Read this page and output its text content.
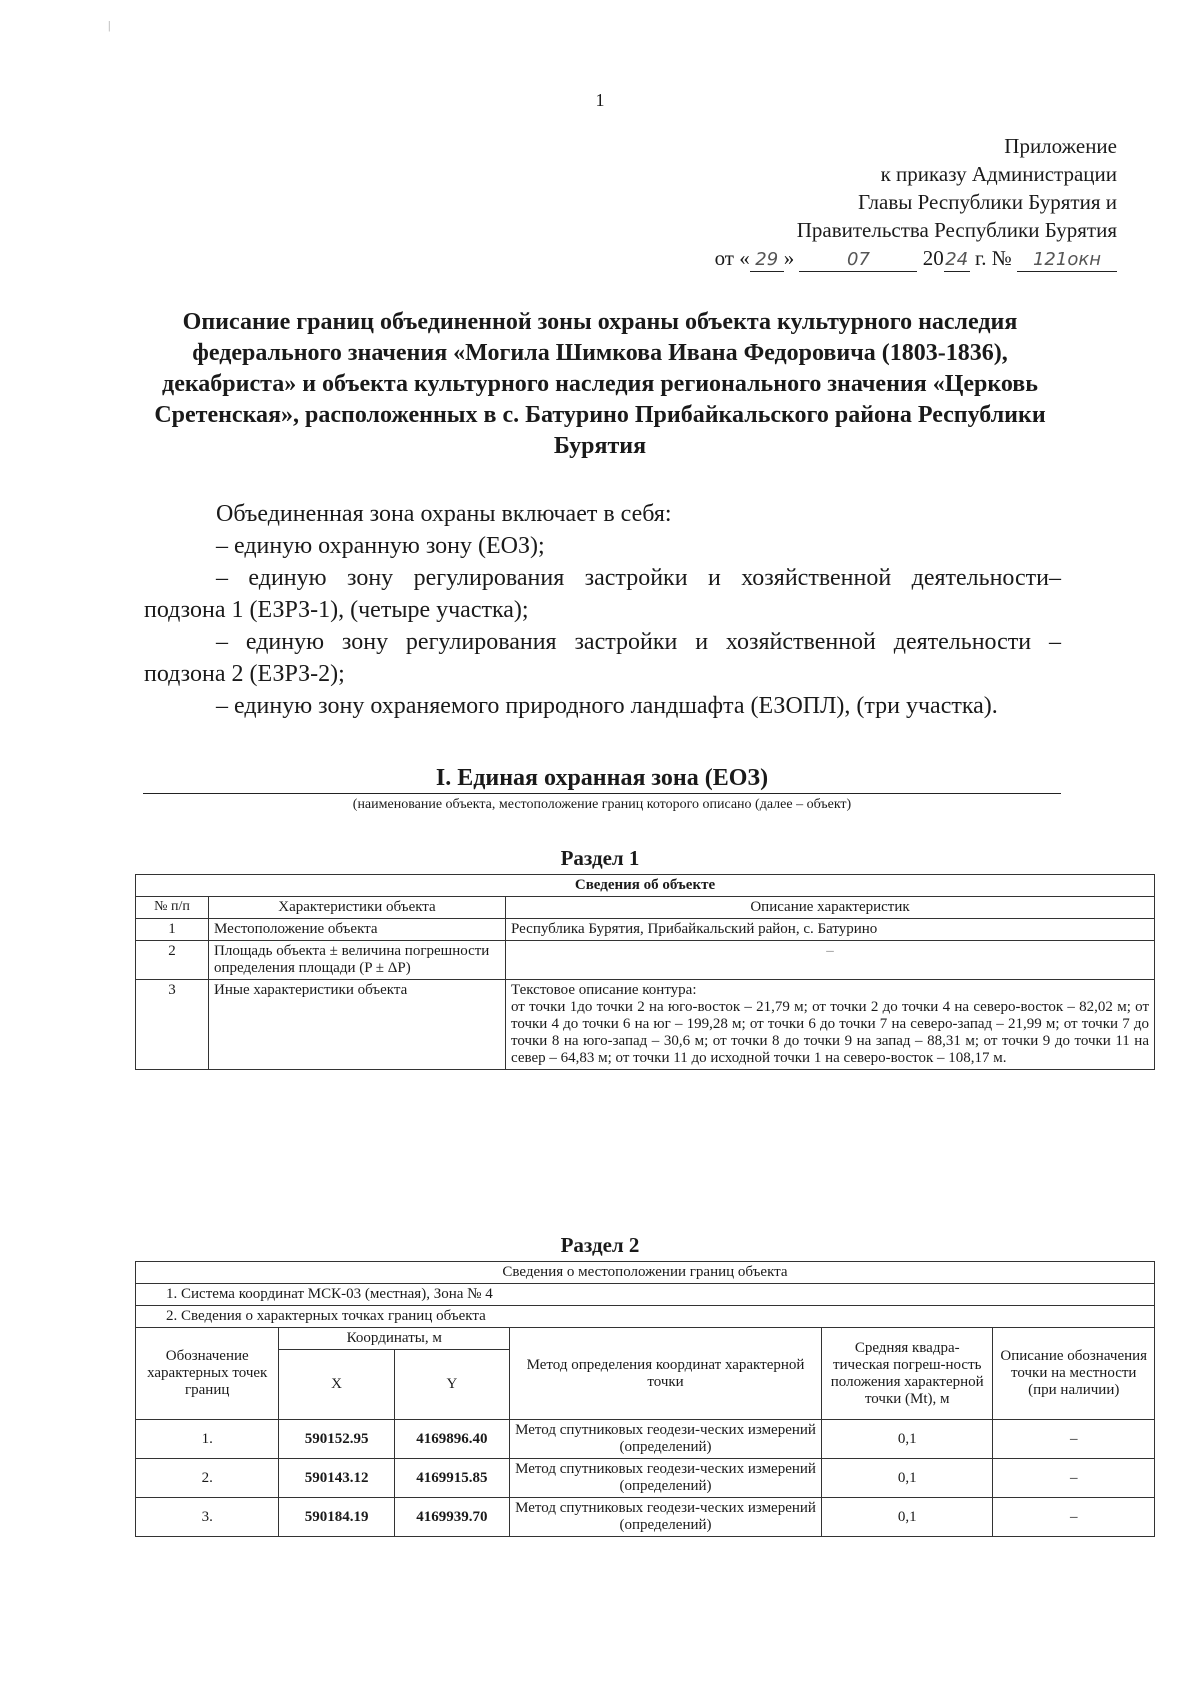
|
1
Приложение
к приказу Администрации
Главы Республики Бурятия и
Правительства Республики Бурятия
от « 29 »	07	2024 г. № 121окн
Описание границ объединенной зоны охраны объекта культурного наследия федерального значения «Могила Шимкова Ивана Федоровича (1803-1836), декабриста» и объекта культурного наследия регионального значения «Церковь Сретенская», расположенных в с. Батурино Прибайкальского района Республики Бурятия

Объединенная зона охраны включает в себя:

– единую охранную зону (ЕОЗ);

– единую зону регулирования застройки и хозяйственной деятельности–

подзона 1 (ЕЗРЗ-1), (четыре участка);

– единую зону регулирования застройки и хозяйственной деятельности –

подзона 2 (ЕЗРЗ-2);

– единую зону охраняемого природного ландшафта (ЕЗОПЛ), (три участка).

I. Единая охранная зона (ЕОЗ)
(наименование объекта, местоположение границ которого описано (далее – объект)
Раздел 1
Сведения об объекте		
№ п/п	Характеристики объекта	Описание характеристик
1	Местоположение объекта	Республика Бурятия, Прибайкальский район, с. Батурино
2	Площадь объекта ± величина погрешности определения площади (P ± ΔP)	–
3	Иные характеристики объекта	Текстовое описание контура:
от точки 1до точки 2 на юго-восток – 21,79 м; от точки 2 до точки 4 на северо-восток – 82,02 м; от точки 4 до точки 6 на юг – 199,28 м; от точки 6 до точки 7 на северо-запад – 21,99 м; от точки 7 до точки 8 на юго-запад – 30,6 м; от точки 8 до точки 9 на запад – 88,31 м; от точки 9 до точки 11 на север – 64,83 м; от точки 11 до исходной точки 1 на северо-восток – 108,17 м.
Раздел 2
Сведения о местоположении границ объекта					
1. Система координат МСК-03 (местная), Зона № 4					
2. Сведения о характерных точках границ объекта					
Обозначение характерных точек границ	Координаты, м		Метод определения координат характерной точки	Средняя квадра-тическая погреш-ность положения характерной точки (Mt), м	Описание обозначения точки на местности (при наличии)
	X	Y			
1.	590152.95	4169896.40	Метод спутниковых геодези-ческих измерений (определений)	0,1	–
2.	590143.12	4169915.85	Метод спутниковых геодези-ческих измерений (определений)	0,1	–
3.	590184.19	4169939.70	Метод спутниковых геодези-ческих измерений (определений)	0,1	–
